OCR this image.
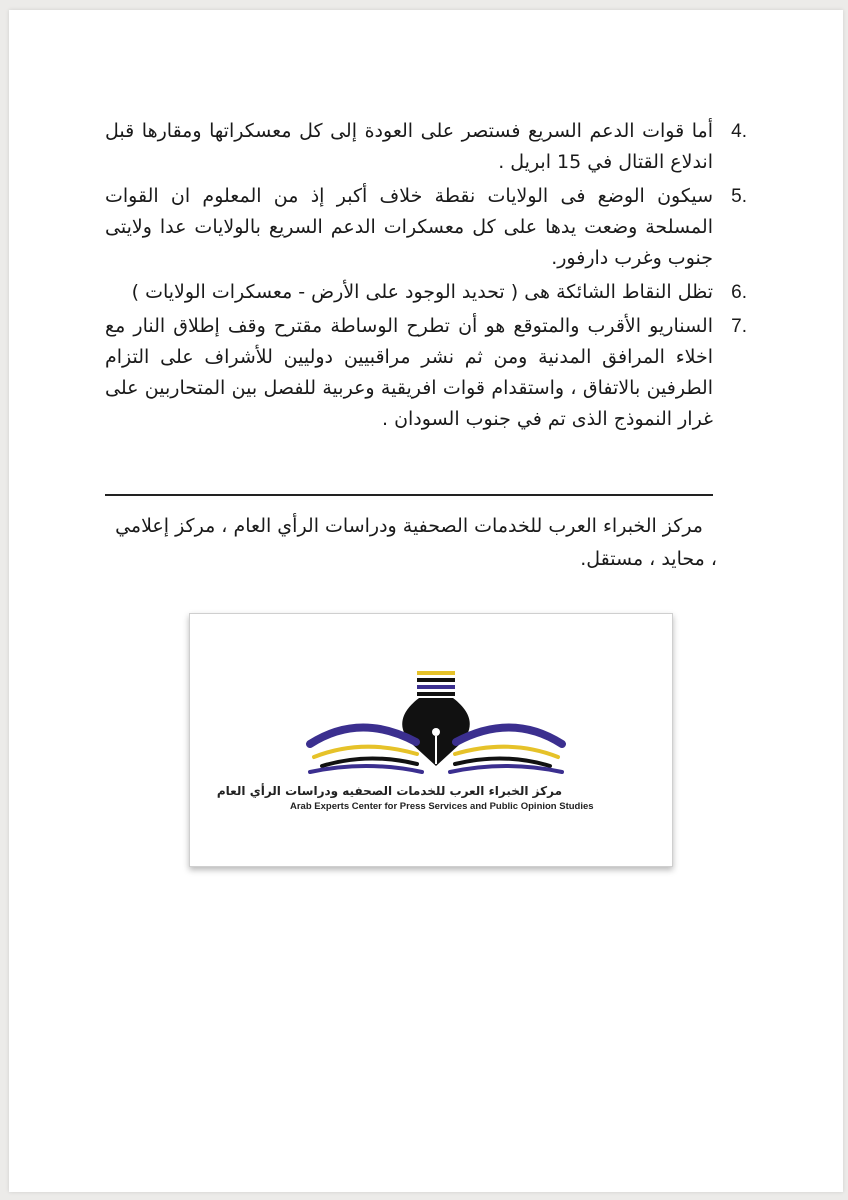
4.
أما قوات الدعم السريع فستصر على العودة إلى كل معسكراتها ومقارها قبل اندلاع القتال في 15 ابريل .
5.
سيكون الوضع فى الولايات نقطة خلاف أكبر إذ من المعلوم ان القوات المسلحة وضعت يدها على كل معسكرات الدعم السريع بالولايات عدا ولايتى جنوب وغرب دارفور.
6.
تظل النقاط الشائكة هى ( تحديد الوجود على الأرض - معسكرات الولايات )
7.
السناريو الأقرب والمتوقع هو أن تطرح الوساطة مقترح وقف إطلاق النار مع اخلاء المرافق المدنية ومن ثم نشر مراقبيين دوليين للأشراف على التزام الطرفين بالاتفاق ، واستقدام قوات افريقية وعربية للفصل بين المتحاربين على غرار النموذج الذى تم في جنوب السودان .

مركز الخبراء العرب للخدمات الصحفية ودراسات الرأي العام ، مركز إعلامي ، محايد ، مستقل.

مركز الخبراء العرب للخدمات الصحفيه ودراسات الرأي العام
Arab Experts Center for Press Services and Public Opinion Studies
